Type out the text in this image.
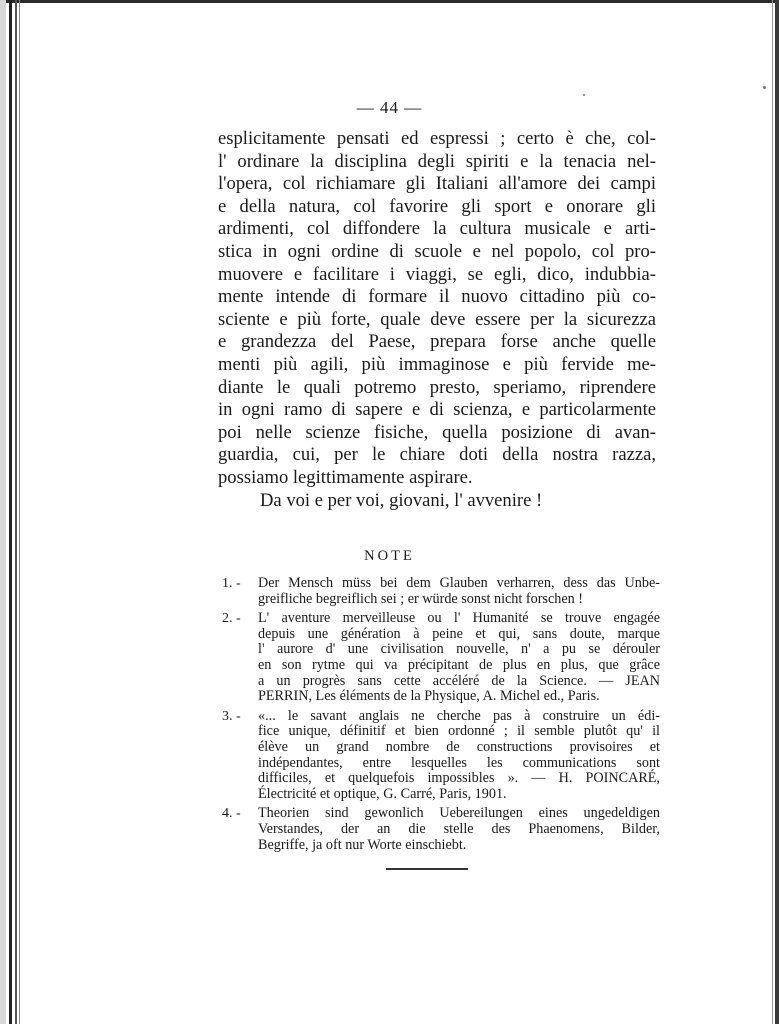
— 44 —
esplicitamente pensati ed espressi ; certo è che, col-
l' ordinare la disciplina degli spiriti e la tenacia nel-
l'opera, col richiamare gli Italiani all'amore dei campi
e della natura, col favorire gli sport e onorare gli
ardimenti, col diffondere la cultura musicale e arti-
stica in ogni ordine di scuole e nel popolo, col pro-
muovere e facilitare i viaggi, se egli, dico, indubbia-
mente intende di formare il nuovo cittadino più co-
sciente e più forte, quale deve essere per la sicurezza
e grandezza del Paese, prepara forse anche quelle
menti più agili, più immaginose e più fervide me-
diante le quali potremo presto, speriamo, riprendere
in ogni ramo di sapere e di scienza, e particolarmente
poi nelle scienze fisiche, quella posizione di avan-
guardia, cui, per le chiare doti della nostra razza,
possiamo legittimamente aspirare.
Da voi e per voi, giovani, l' avvenire !
NOTE
1. - Der Mensch müss bei dem Glauben verharren, dess das Unbe-
greifliche begreiflich sei ; er würde sonst nicht forschen !
2. - L' aventure merveilleuse ou l' Humanité se trouve engagée
depuis une génération à peine et qui, sans doute, marque
l' aurore d' une civilisation nouvelle, n' a pu se dérouler
en son rytme qui va précipitant de plus en plus, que grâce
a un progrès sans cette accéléré de la Science. — JEAN
PERRIN, Les éléments de la Physique, A. Michel ed., Paris.
3. - «... le savant anglais ne cherche pas à construire un édi-
fice unique, définitif et bien ordonné ; il semble plutôt qu' il
élève un grand nombre de constructions provisoires et
indépendantes, entre lesquelles les communications sont
difficiles, et quelquefois impossibles ». — H. POINCARÉ,
Électricité et optique, G. Carré, Paris, 1901.
4. - Theorien sind gewonlich Uebereilungen eines ungedeldigen
Verstandes, der an die stelle des Phaenomens, Bilder,
Begriffe, ja oft nur Worte einschiebt.
